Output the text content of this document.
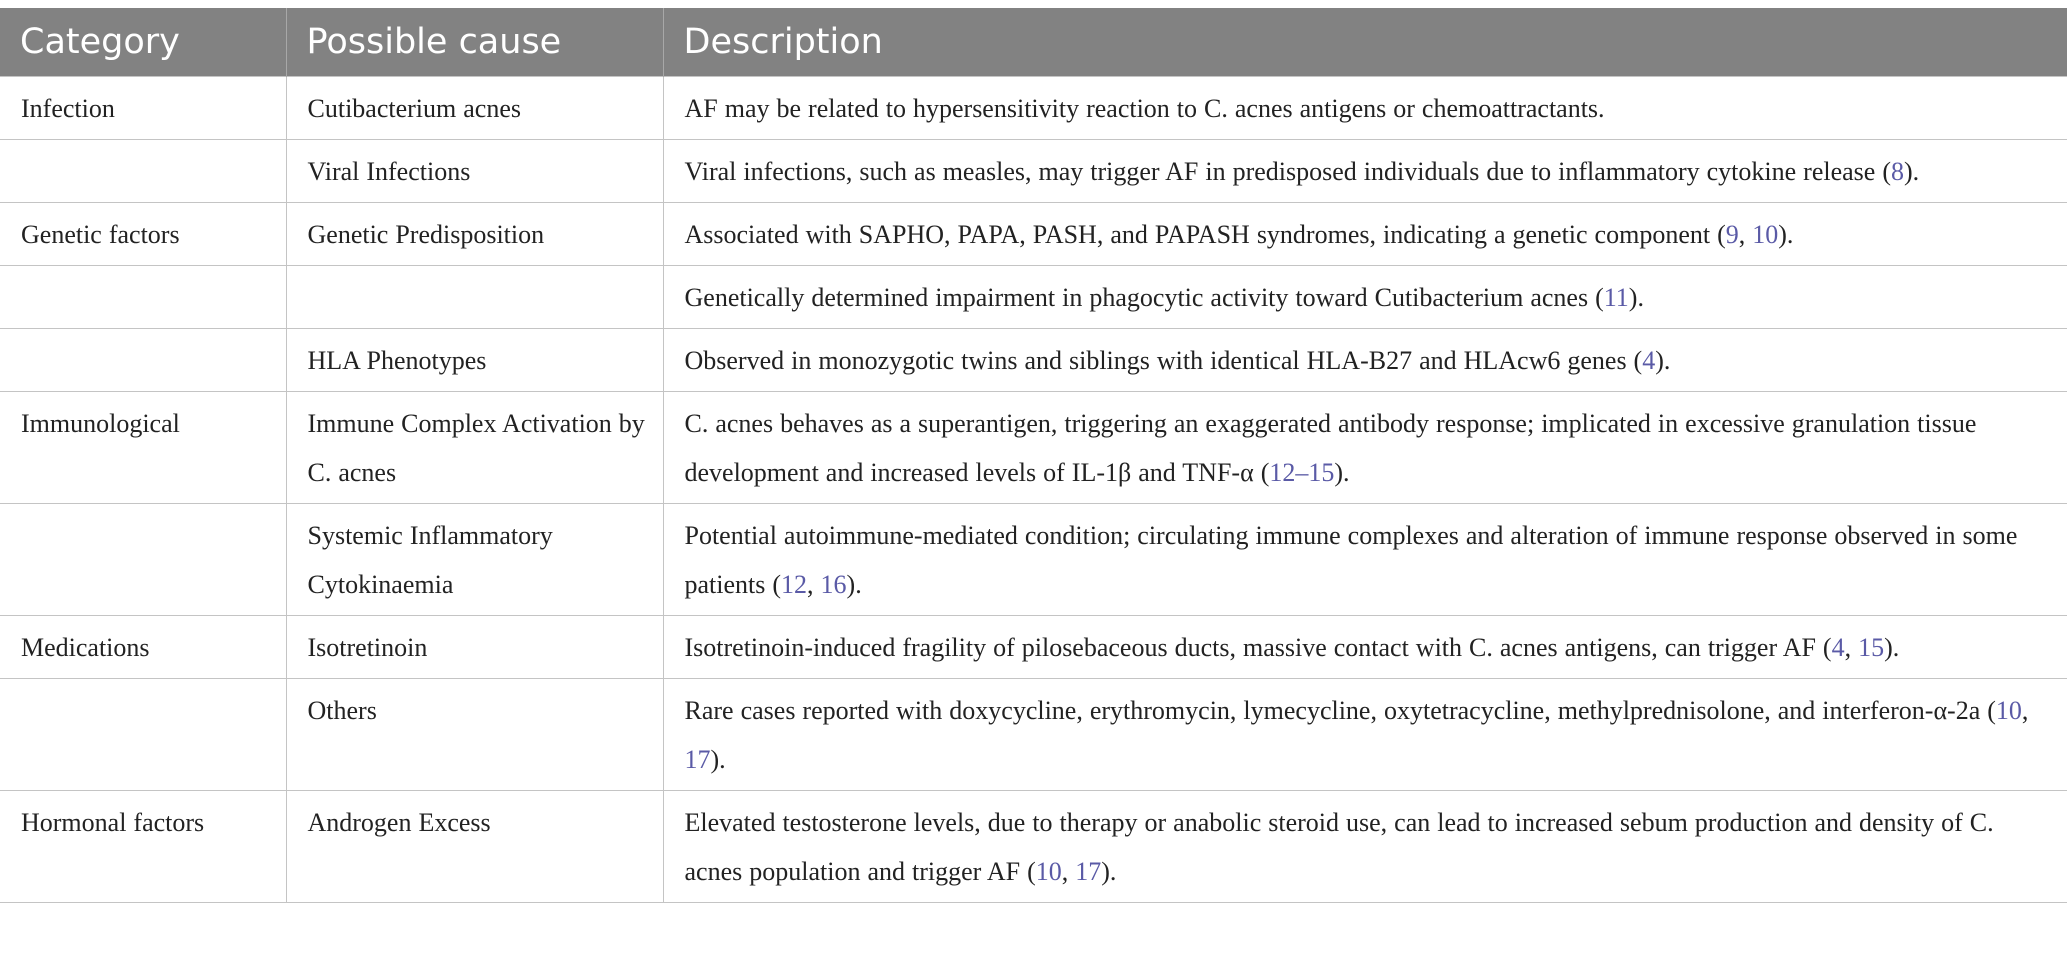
Category	Possible cause	Description
Infection	Cutibacterium acnes	AF may be related to hypersensitivity reaction to C. acnes antigens or chemoattractants.
	Viral Infections	Viral infections, such as measles, may trigger AF in predisposed individuals due to inflammatory cytokine release (8).
Genetic factors	Genetic Predisposition	Associated with SAPHO, PAPA, PASH, and PAPASH syndromes, indicating a genetic component (9, 10).
		Genetically determined impairment in phagocytic activity toward Cutibacterium acnes (11).
	HLA Phenotypes	Observed in monozygotic twins and siblings with identical HLA-B27 and HLAcw6 genes (4).
Immunological	Immune Complex Activation by C. acnes	C. acnes behaves as a superantigen, triggering an exaggerated antibody response; implicated in excessive granulation tissue development and increased levels of IL-1β and TNF-α (12–15).
	Systemic Inflammatory Cytokinaemia	Potential autoimmune-mediated condition; circulating immune complexes and alteration of immune response observed in some patients (12, 16).
Medications	Isotretinoin	Isotretinoin-induced fragility of pilosebaceous ducts, massive contact with C. acnes antigens, can trigger AF (4, 15).
	Others	Rare cases reported with doxycycline, erythromycin, lymecycline, oxytetracycline, methylprednisolone, and interferon-α-2a (10, 17).
Hormonal factors	Androgen Excess	Elevated testosterone levels, due to therapy or anabolic steroid use, can lead to increased sebum production and density of C. acnes population and trigger AF (10, 17).
